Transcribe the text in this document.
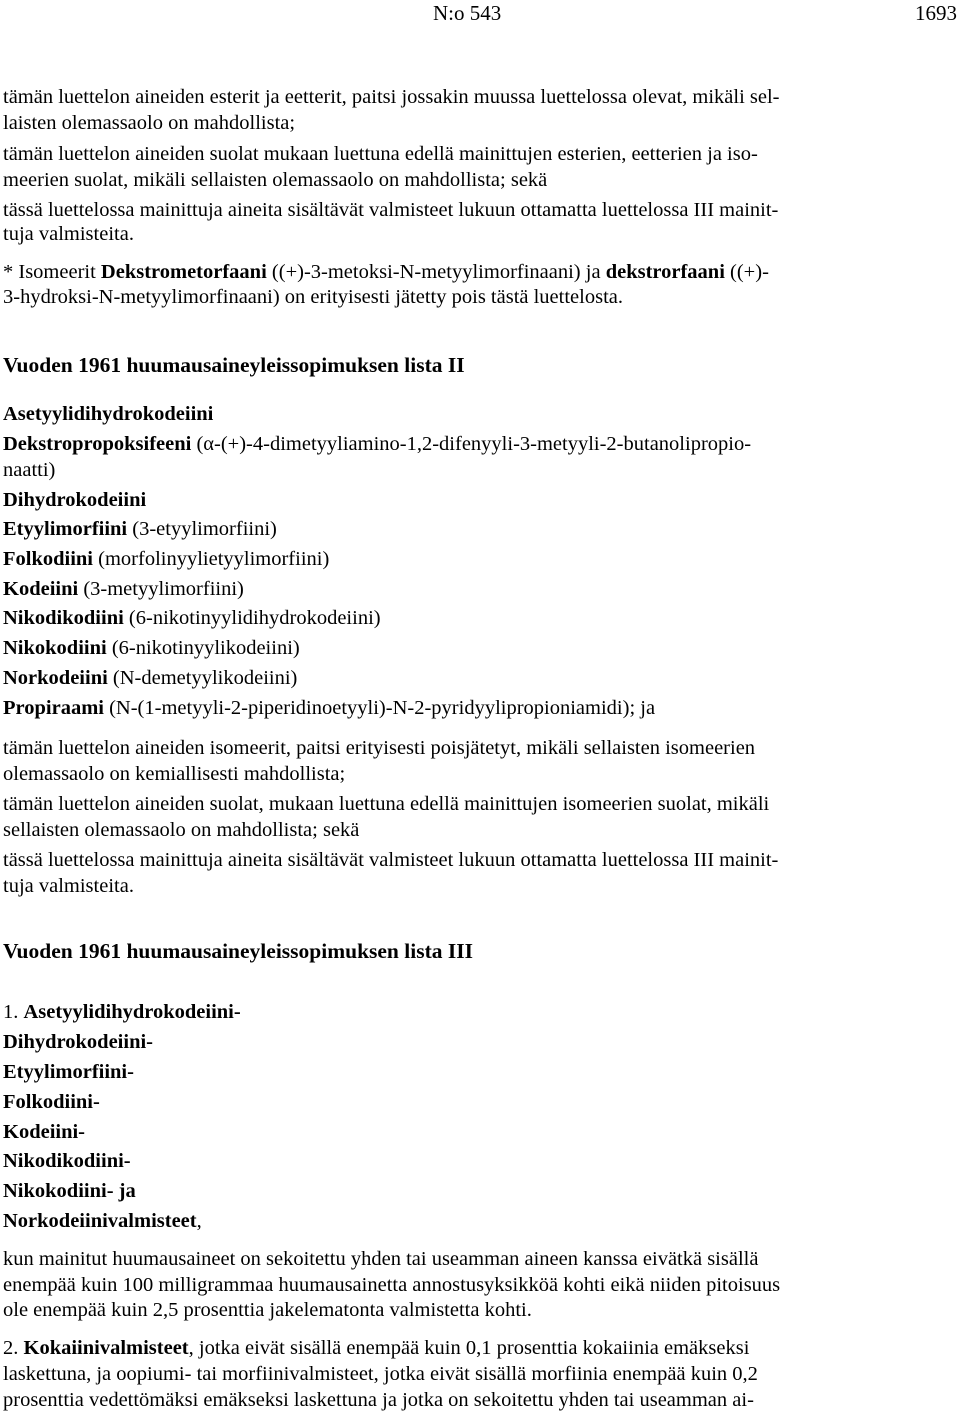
N:o 543	1693
tämän luettelon aineiden esterit ja eetterit, paitsi jossakin muussa luettelossa olevat, mikäli sel-
laisten olemassaolo on mahdollista;
tämän luettelon aineiden suolat mukaan luettuna edellä mainittujen esterien, eetterien ja iso-
meerien suolat, mikäli sellaisten olemassaolo on mahdollista; sekä
tässä luettelossa mainittuja aineita sisältävät valmisteet lukuun ottamatta luettelossa III mainit-
tuja valmisteita.
* Isomeerit Dekstrometorfaani ((+)-3-metoksi-N-metyylimorfinaani) ja dekstrorfaani ((+)-
3-hydroksi-N-metyylimorfinaani) on erityisesti jätetty pois tästä luettelosta.
Vuoden 1961 huumausaineyleissopimuksen lista II
Asetyylidihydrokodeiini
Dekstropropoksifeeni (α-(+)-4-dimetyyliamino-1,2-difenyyli-3-metyyli-2-butanolipropio-
naatti)
Dihydrokodeiini
Etyylimorfiini (3-etyylimorfiini)
Folkodiini (morfolinyylietyylimorfiini)
Kodeiini (3-metyylimorfiini)
Nikodikodiini (6-nikotinyylidihydrokodeiini)
Nikokodiini (6-nikotinyylikodeiini)
Norkodeiini (N-demetyylikodeiini)
Propiraami (N-(1-metyyli-2-piperidinoetyyli)-N-2-pyridyylipropioniamidi); ja
tämän luettelon aineiden isomeerit, paitsi erityisesti poisjätetyt, mikäli sellaisten isomeerien
olemassaolo on kemiallisesti mahdollista;
tämän luettelon aineiden suolat, mukaan luettuna edellä mainittujen isomeerien suolat, mikäli
sellaisten olemassaolo on mahdollista; sekä
tässä luettelossa mainittuja aineita sisältävät valmisteet lukuun ottamatta luettelossa III mainit-
tuja valmisteita.
Vuoden 1961 huumausaineyleissopimuksen lista III
1. Asetyylidihydrokodeiini-
Dihydrokodeiini-
Etyylimorfiini-
Folkodiini-
Kodeiini-
Nikodikodiini-
Nikokodiini- ja
Norkodeiinivalmisteet,
kun mainitut huumausaineet on sekoitettu yhden tai useamman aineen kanssa eivätkä sisällä
enempää kuin 100 milligrammaa huumausainetta annostusyksikköä kohti eikä niiden pitoisuus
ole enempää kuin 2,5 prosenttia jakelematonta valmistetta kohti.
2. Kokaiinivalmisteet, jotka eivät sisällä enempää kuin 0,1 prosenttia kokaiinia emäkseksi
laskettuna, ja oopiumi- tai morfiinivalmisteet, jotka eivät sisällä morfiinia enempää kuin 0,2
prosenttia vedettömäksi emäkseksi laskettuna ja jotka on sekoitettu yhden tai useamman ai-
